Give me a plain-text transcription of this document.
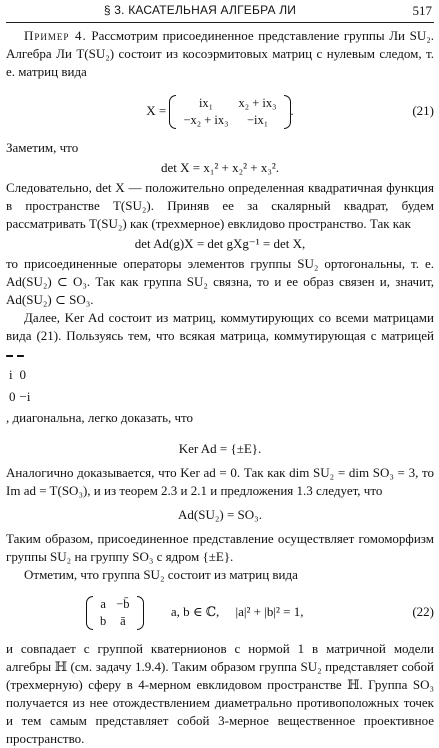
§ 3. КАСАТЕЛЬНАЯ АЛГЕБРА ЛИ	517

Пример 4. Рассмотрим присоединенное представление группы Ли SU₂. Алгебра Ли T(SU₂) состоит из косоэрмитовых матриц с нулевым следом, т. е. матриц вида

X =	ix₁	x₂ + ix₃
−x₂ + ix₃	−ix₁
.	(21)

Заметим, что

det X = x₁² + x₂² + x₃².

Следовательно, det X — положительно определенная квадратичная функция в пространстве T(SU₂). Приняв ее за скалярный квадрат, будем рассматривать T(SU₂) как (трехмерное) евклидово пространство. Так как

det Ad(g)X = det gXg⁻¹ = det X,

то присоединенные операторы элементов группы SU₂ ортогональны, т. е. Ad(SU₂) ⊂ O₃. Так как группа SU₂ связна, то и ее образ связен и, значит, Ad(SU₂) ⊂ SO₃.

Далее, Ker Ad состоит из матриц, коммутирующих со всеми матрицами вида (21). Пользуясь тем, что всякая матрица, коммутирующая с матрицей

i	0
0	−i
, диагональна, легко доказать, что

Ker Ad = {±E}.

Аналогично доказывается, что Ker ad = 0. Так как dim SU₂ = dim SO₃ = 3, то Im ad = T(SO₃), и из теорем 2.3 и 2.1 и предложения 1.3 следует, что

Ad(SU₂) = SO₃.

Таким образом, присоединенное представление осуществляет гомоморфизм группы SU₂ на группу SO₃ с ядром {±E}.

Отметим, что группа SU₂ состоит из матриц вида

a	−b̄
b	ā
a, b ∈ ℂ,     |a|² + |b|² = 1,	(22)

и совпадает с группой кватернионов с нормой 1 в матричной модели алгебры ℍ (см. задачу 1.9.4). Таким образом группа SU₂ представляет собой (трехмерную) сферу в 4-мерном евклидовом пространстве ℍ. Группа SO₃ получается из нее отождествлением диаметрально противоположных точек и тем самым представляет собой 3-мерное вещественное проективное пространство.
